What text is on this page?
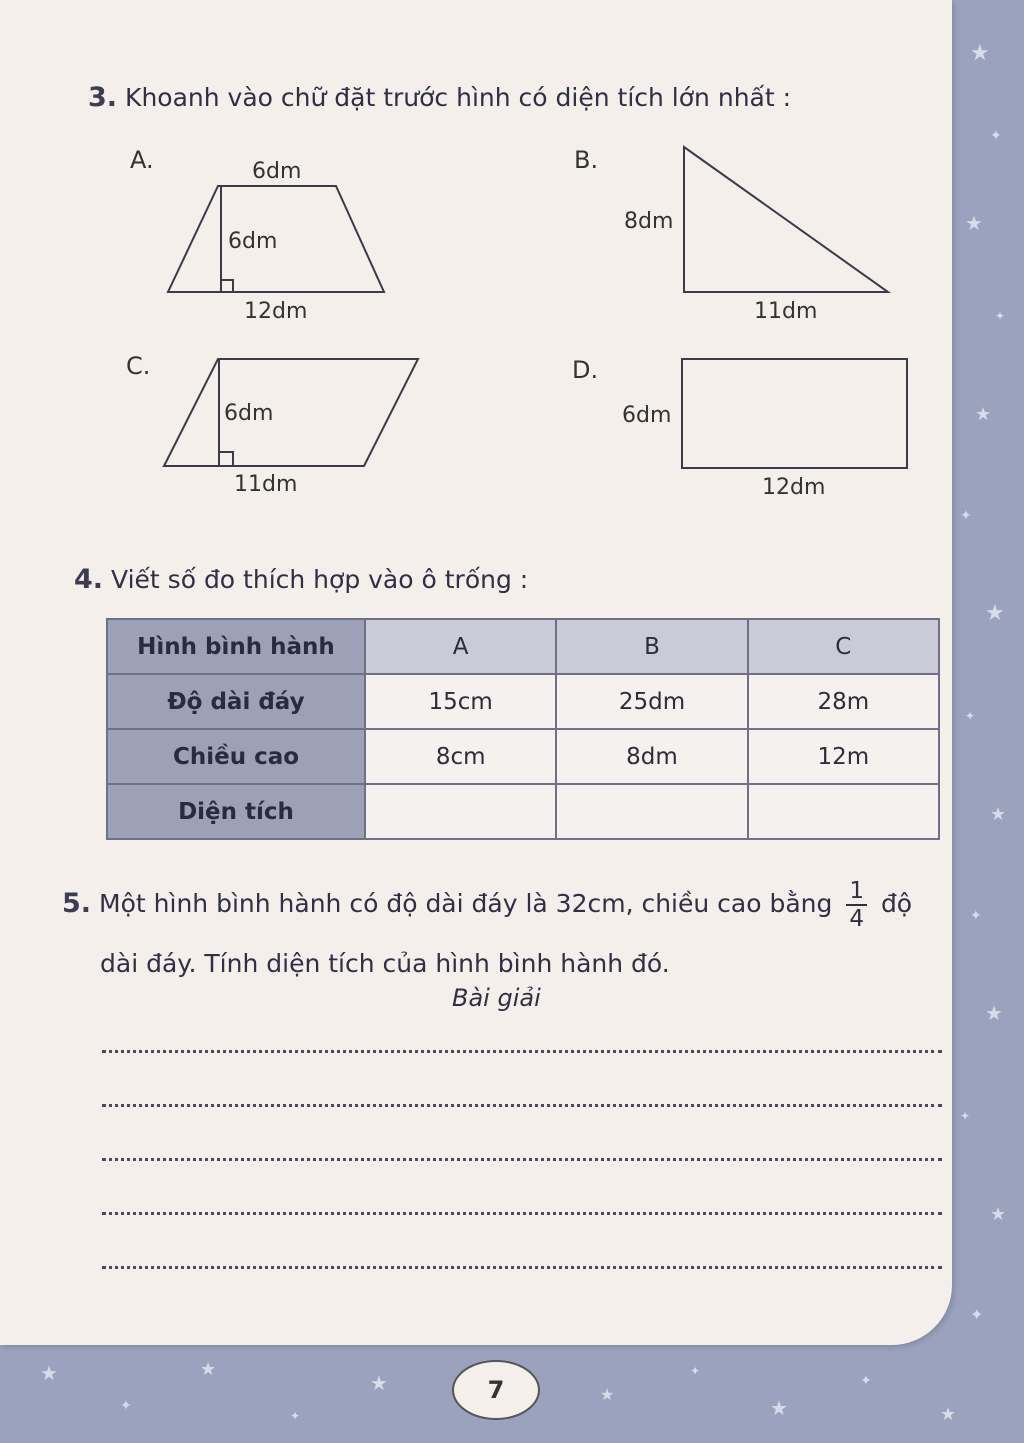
★
✦
★
✦
★
✦
★
✦
★
✦
★
✦
★
✦
★
✦
★
✦
★	★
✦
★
✦
★
3. Khoanh vào chữ đặt trước hình có diện tích lớn nhất :
A.	B.
C.	D.
6dm
6dm
12dm
8dm
11dm
6dm
11dm
6dm
12dm
4. Viết số đo thích hợp vào ô trống :
Hình bình hành	A	B	C
Độ dài đáy	15cm	25dm	28m
Chiều cao	8cm	8dm	12m
Diện tích			
5. Một hình bình hành có độ dài đáy là 32cm, chiều cao bằng $\frac{1}{4}$ độ
dài đáy. Tính diện tích của hình bình hành đó.
Bài giải
7
